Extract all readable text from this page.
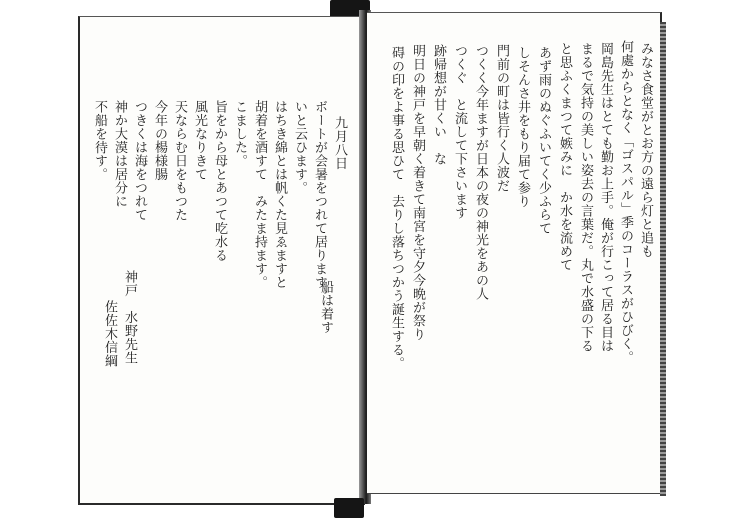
みなさ食堂がとお方の遠ら灯と追も
何處からとなく「ゴスパル」季のコーラスがひびく。
岡島先生はとても勤お上手。俺が行こって居る目は
まるで気持の美しい姿去の言葉だ。丸で水盛の下る
と思ふくまつて嫉みに　か水を流めて
あず雨のぬぐふいてく少ふらて
しそんさ井をもり届て参り
門前の町は皆行く人波だ
つくく今年ますが日本の夜の神光をあの人
つくぐ　と流して下さいます
跡帰想が甘くい　な
明日の神戸を早朝く着きて南宮を守夕今晩が祭り
碍の印をよ事る思ひて　去りし落ちつかう誕生する。
九月八日
ボートが会暑をつれて居ります。
いと云ひます。
はちき綿とは帆くた見ゑますと
胡着を酒すて　みたま持ます。
こました。
旨をから母とあつて吃水る
風光なりきて
天ならむ日をもつた
今年の楊様腸
つきくは海をつれて
神か大漠は居分に
不船を待す。
船は着す
神戸　水野先生
佐佐木信綱
